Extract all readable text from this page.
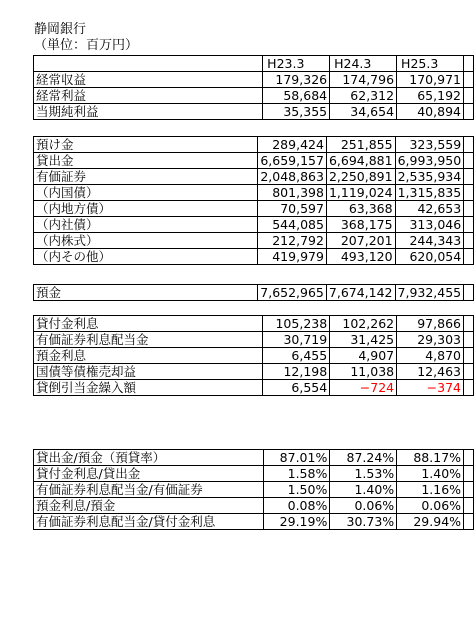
静岡銀行
（単位：百万円）
	H23.3	H24.3	H25.3	
経常収益	179,326	174,796	170,971	
経常利益	58,684	62,312	65,192	
当期純利益	35,355	34,654	40,894	
預け金	289,424	251,855	323,559	
貸出金	6,659,157	6,694,881	6,993,950	
有価証券	2,048,863	2,250,891	2,535,934	
（内国債）	801,398	1,119,024	1,315,835	
（内地方債）	70,597	63,368	42,653	
（内社債）	544,085	368,175	313,046	
（内株式）	212,792	207,201	244,343	
（内その他）	419,979	493,120	620,054	
預金	7,652,965	7,674,142	7,932,455	
貸付金利息	105,238	102,262	97,866	
有価証券利息配当金	30,719	31,425	29,303	
預金利息	6,455	4,907	4,870	
国債等債権売却益	12,198	11,038	12,463	
貸倒引当金繰入額	6,554	−724	−374	
貸出金/預金（預貸率）	87.01%	87.24%	88.17%	
貸付金利息/貸出金	1.58%	1.53%	1.40%	
有価証券利息配当金/有価証券	1.50%	1.40%	1.16%	
預金利息/預金	0.08%	0.06%	0.06%	
有価証券利息配当金/貸付金利息	29.19%	30.73%	29.94%	
